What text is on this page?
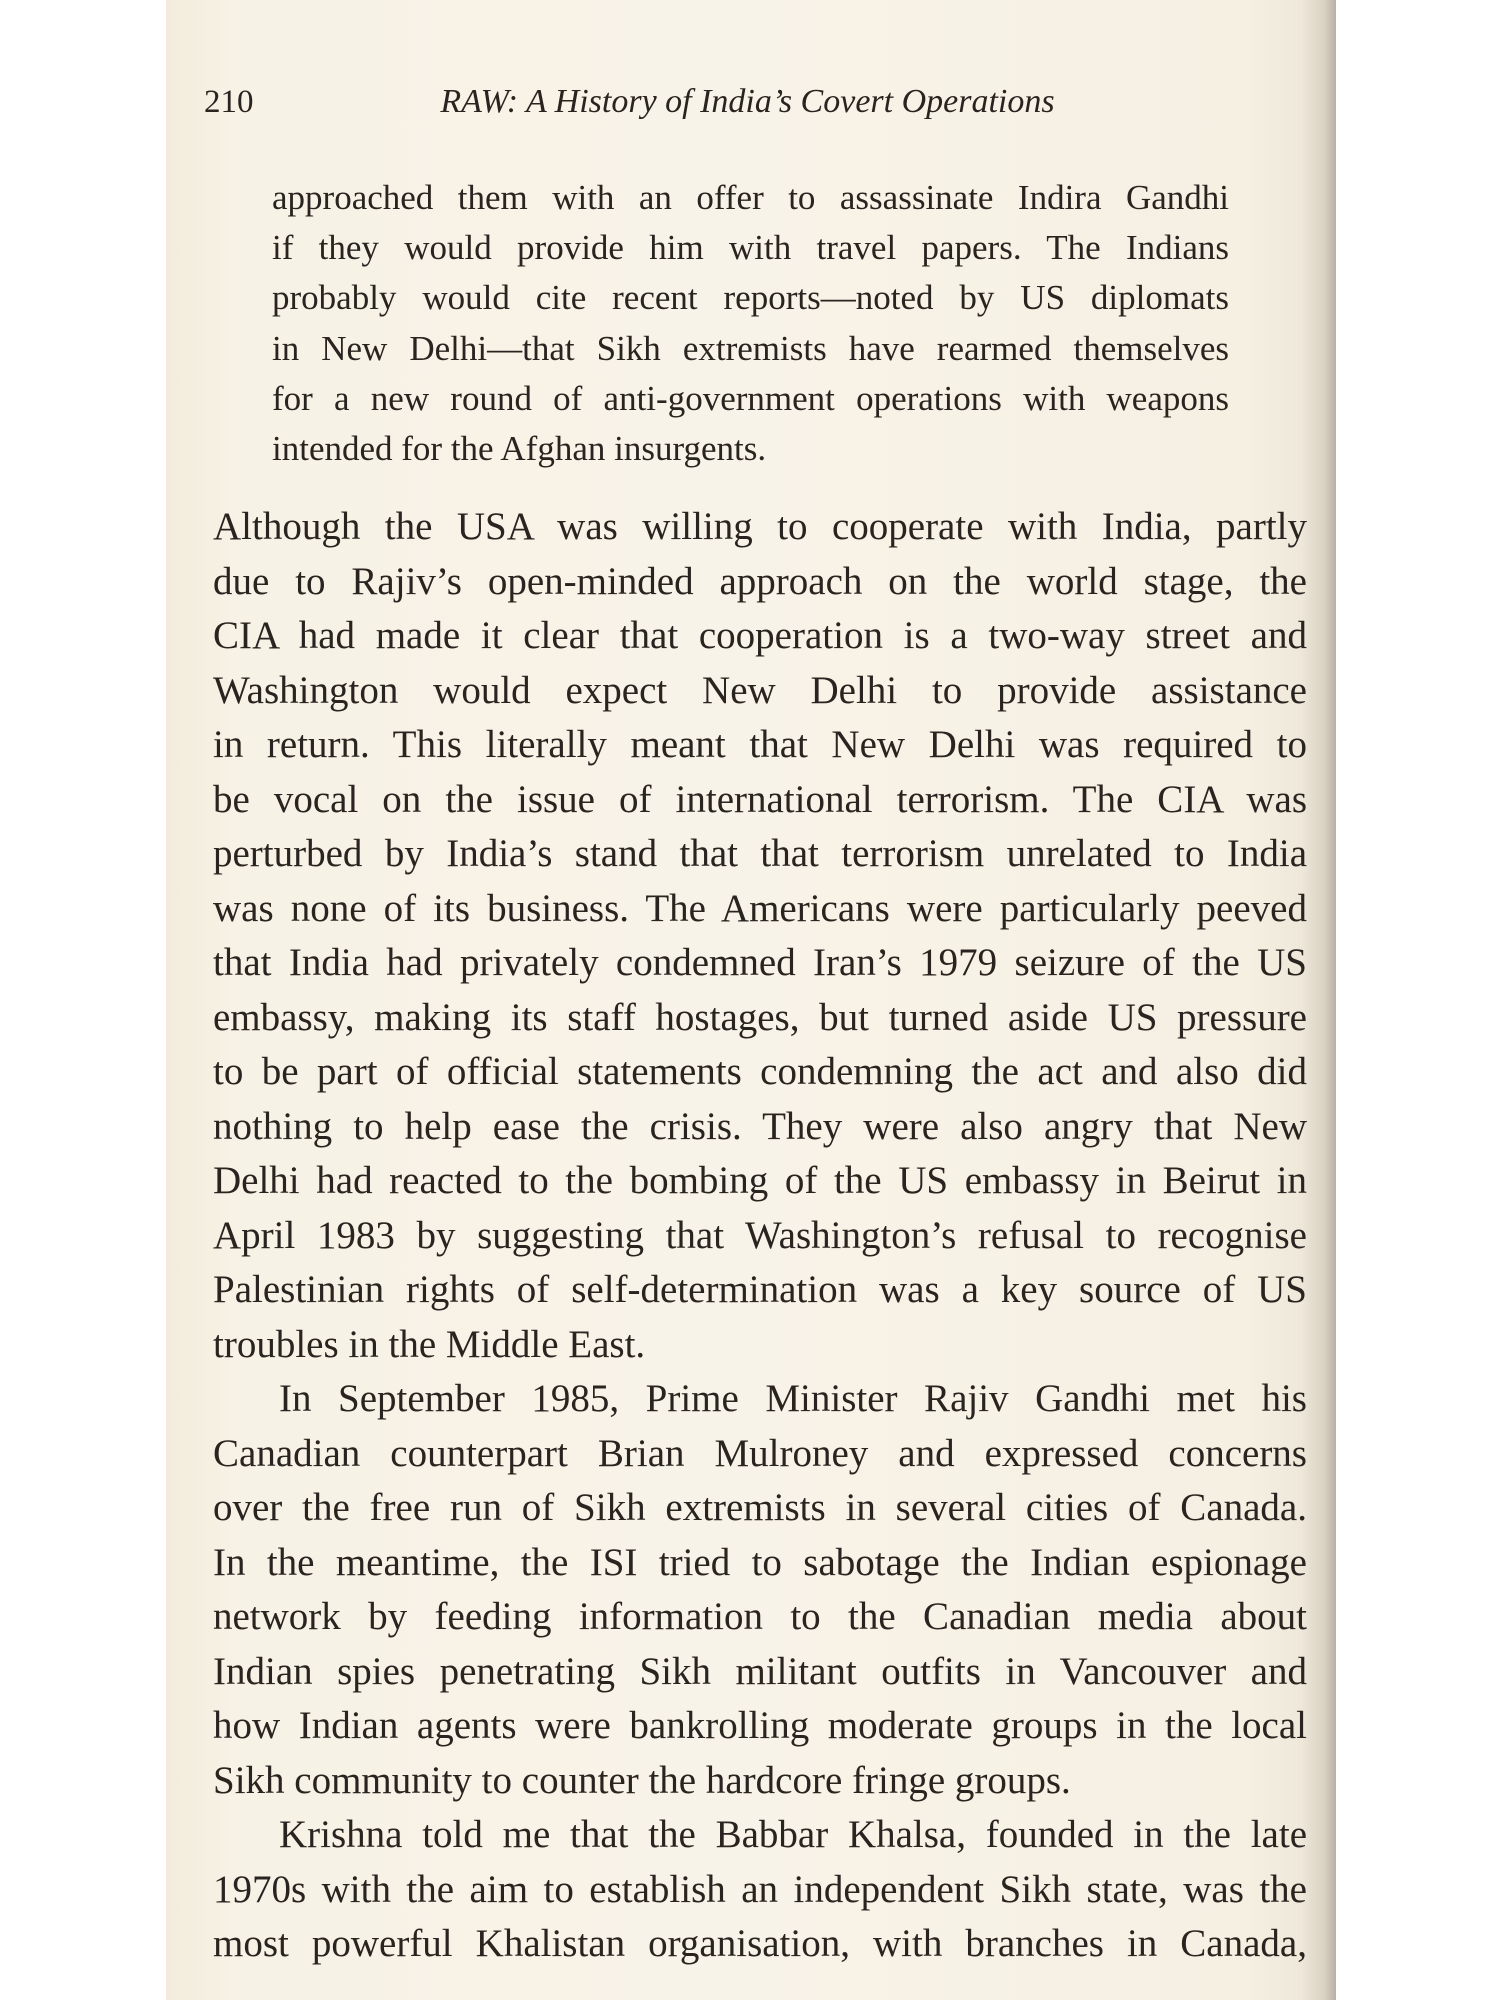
210	RAW: A History of India’s Covert Operations
approached them with an offer to assassinate Indira Gandhi
if they would provide him with travel papers. The Indians
probably would cite recent reports—noted by US diplomats
in New Delhi—that Sikh extremists have rearmed themselves
for a new round of anti-government operations with weapons
intended for the Afghan insurgents.
Although the USA was willing to cooperate with India, partly
due to Rajiv’s open-minded approach on the world stage, the
CIA had made it clear that cooperation is a two-way street and
Washington would expect New Delhi to provide assistance
in return. This literally meant that New Delhi was required to
be vocal on the issue of international terrorism. The CIA was
perturbed by India’s stand that that terrorism unrelated to India
was none of its business. The Americans were particularly peeved
that India had privately condemned Iran’s 1979 seizure of the US
embassy, making its staff hostages, but turned aside US pressure
to be part of official statements condemning the act and also did
nothing to help ease the crisis. They were also angry that New
Delhi had reacted to the bombing of the US embassy in Beirut in
April 1983 by suggesting that Washington’s refusal to recognise
Palestinian rights of self-determination was a key source of US
troubles in the Middle East.
In September 1985, Prime Minister Rajiv Gandhi met his
Canadian counterpart Brian Mulroney and expressed concerns
over the free run of Sikh extremists in several cities of Canada.
In the meantime, the ISI tried to sabotage the Indian espionage
network by feeding information to the Canadian media about
Indian spies penetrating Sikh militant outfits in Vancouver and
how Indian agents were bankrolling moderate groups in the local
Sikh community to counter the hardcore fringe groups.
Krishna told me that the Babbar Khalsa, founded in the late
1970s with the aim to establish an independent Sikh state, was the
most powerful Khalistan organisation, with branches in Canada,
